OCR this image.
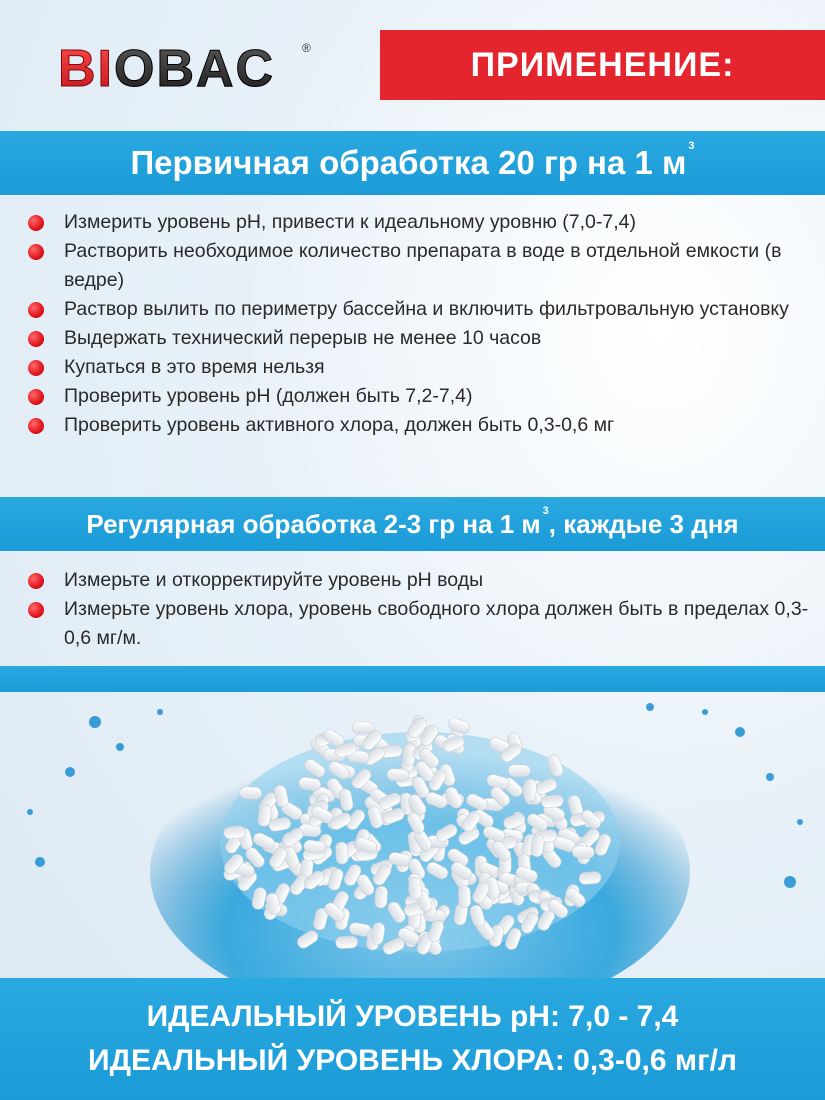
BIOBAC ®	ПРИМЕНЕНИЕ:
Первичная обработка 20 гр на 1 м $^3$
Измерить уровень pH, привести к идеальному уровню (7,0-7,4)
Растворить необходимое количество препарата в воде в отдельной емкости (в ведре)
Раствор вылить по периметру бассейна и включить фильтровальную установку
Выдержать технический перерыв не менее 10 часов
Купаться в это время нельзя
Проверить уровень pH (должен быть 7,2-7,4)
Проверить уровень активного хлора, должен быть 0,3-0,6 мг
Регулярная обработка 2-3 гр на 1 м $^3$, каждые 3 дня
Измерьте и откорректируйте уровень pH воды
Измерьте уровень хлора, уровень свободного хлора должен быть в пределах 0,3-0,6 мг/м.
ИДЕАЛЬНЫЙ УРОВЕНЬ pH: 7,0 - 7,4
ИДЕАЛЬНЫЙ УРОВЕНЬ ХЛОРА: 0,3-0,6 мг/л
